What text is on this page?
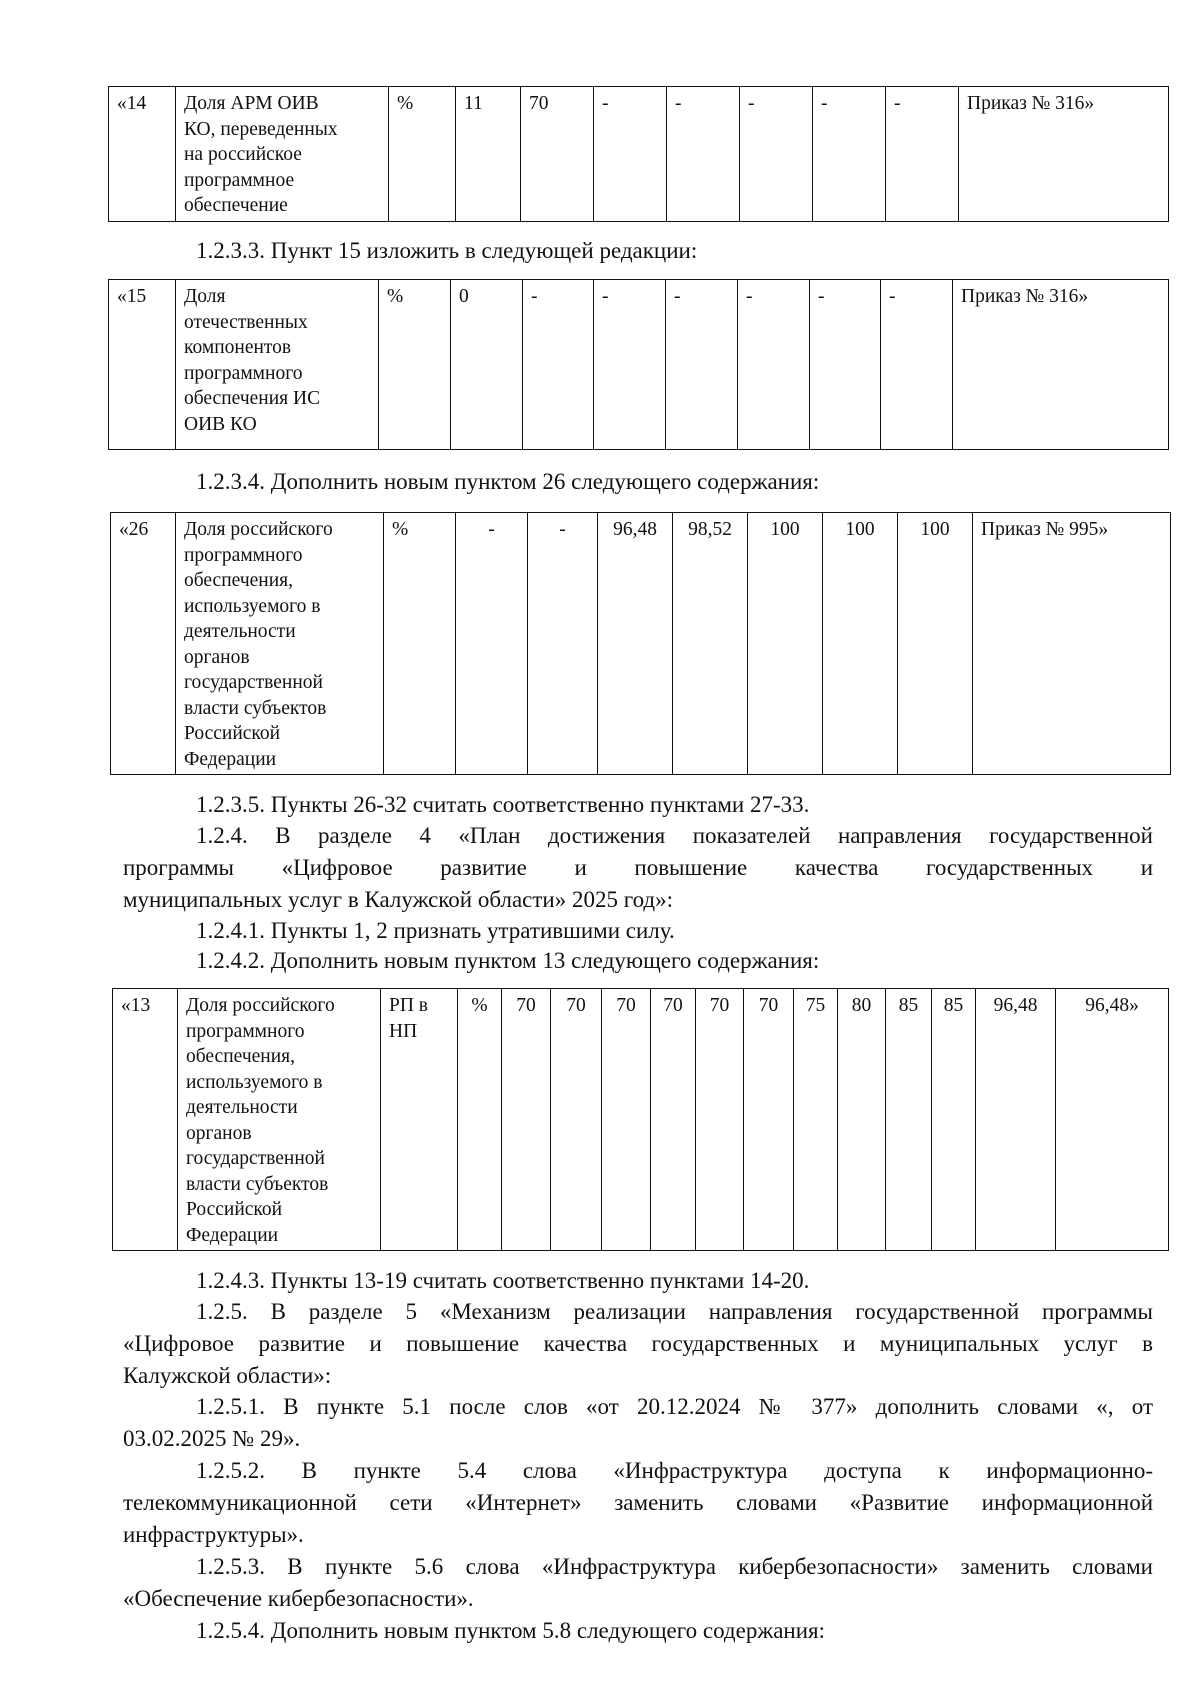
«14	Доля АРМ ОИВ
КО, переведенных
на российское
программное
обеспечение	%	11	70	-	-	-	-	-	Приказ № 316»

1.2.3.3. Пункт 15 изложить в следующей редакции:

«15	Доля
отечественных
компонентов
программного
обеспечения ИС
ОИВ КО	%	0	-	-	-	-	-	-	Приказ № 316»

1.2.3.4. Дополнить новым пунктом 26 следующего содержания:

«26	Доля российского
программного
обеспечения,
используемого в
деятельности
органов
государственной
власти субъектов
Российской
Федерации	%	-	-	96,48	98,52	100	100	100	Приказ № 995»

1.2.3.5. Пункты 26-32 считать соответственно пунктами 27-33.

1.2.4. В разделе 4 «План достижения показателей направления государственной
программы «Цифровое развитие и повышение качества государственных и
муниципальных услуг в Калужской области» 2025 год»:

1.2.4.1. Пункты 1, 2 признать утратившими силу.

1.2.4.2. Дополнить новым пунктом 13 следующего содержания:

«13	Доля российского
программного
обеспечения,
используемого в
деятельности
органов
государственной
власти субъектов
Российской
Федерации	РП в
НП	%	70	70	70	70	70	70	75	80	85	85	96,48	96,48»

1.2.4.3. Пункты 13-19 считать соответственно пунктами 14-20.

1.2.5. В разделе 5 «Механизм реализации направления государственной программы
«Цифровое развитие и повышение качества государственных и муниципальных услуг в
Калужской области»:
1.2.5.1. В пункте 5.1 после слов «от 20.12.2024 № 377» дополнить словами «, от
03.02.2025 № 29».
1.2.5.2. В пункте 5.4 слова «Инфраструктура доступа к информационно-
телекоммуникационной сети «Интернет» заменить словами «Развитие информационной
инфраструктуры».
1.2.5.3. В пункте 5.6 слова «Инфраструктура кибербезопасности» заменить словами
«Обеспечение кибербезопасности».

1.2.5.4. Дополнить новым пунктом 5.8 следующего содержания:
